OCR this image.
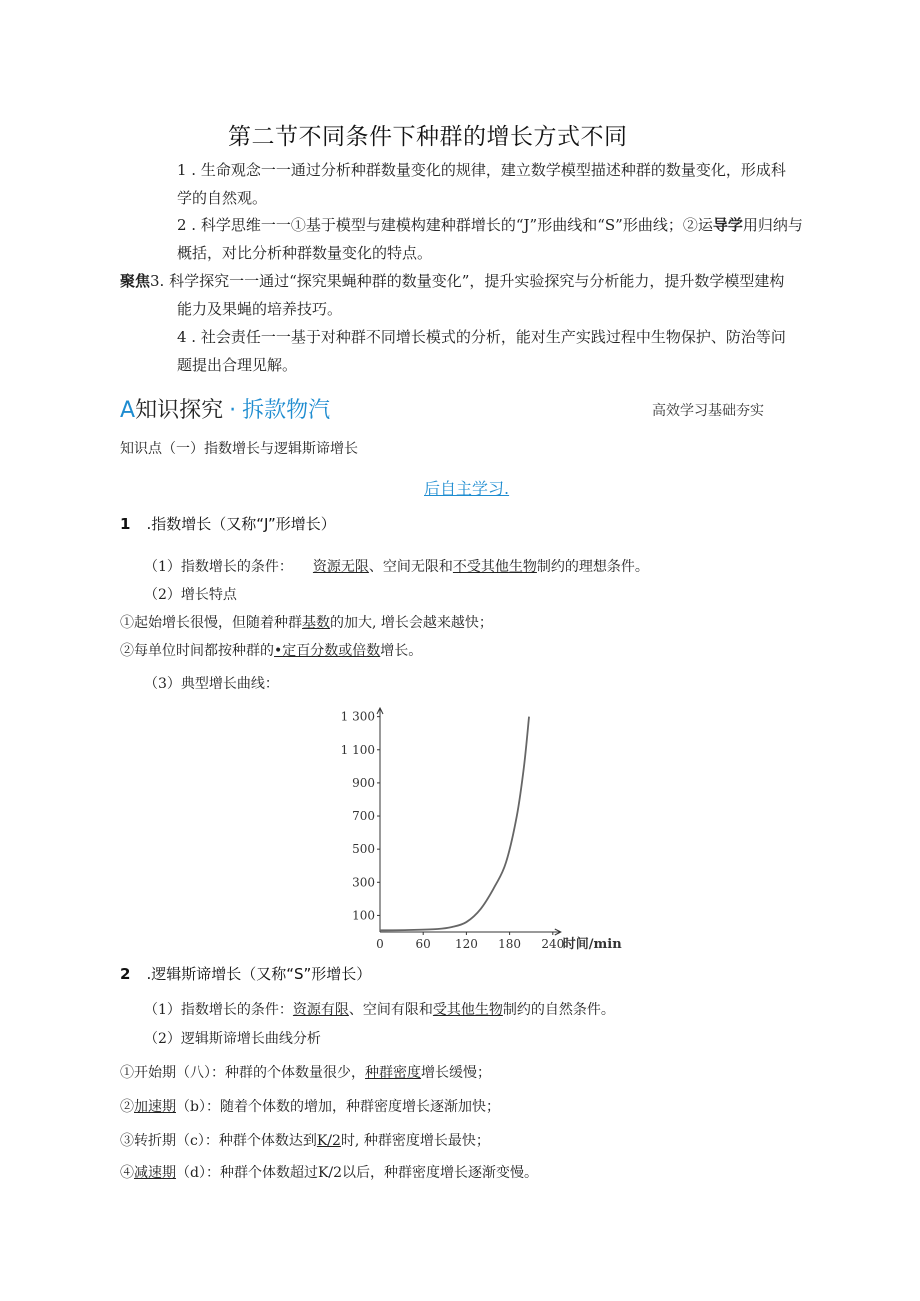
第二节不同条件下种群的增长方式不同
1 . 生命观念一一通过分析种群数量变化的规律，建立数学模型描述种群的数量变化，形成科
学的自然观。
2 . 科学思维一一①基于模型与建模构建种群增长的“J”形曲线和“S”形曲线；②运导学用归纳与
概括，对比分析种群数量变化的特点。
聚焦3. 科学探究一一通过“探究果蝇种群的数量变化”，提升实验探究与分析能力，提升数学模型建构
能力及果蝇的培养技巧。
4 . 社会责任一一基于对种群不同增长模式的分析，能对生产实践过程中生物保护、防治等问
题提出合理见解。
A知识探究 · 拆款物汽	高效学习基础夯实
知识点（一）指数增长与逻辑斯谛增长
后自主学习.
1 .指数增长（又称“J”形增长）
（1）指数增长的条件： 资源无限、空间无限和不受其他生物制约的理想条件。
（2）增长特点
①起始增长很慢，但随着种群基数的加大, 增长会越来越快；
②每单位时间都按种群的•定百分数或倍数增长。
（3）典型增长曲线：
100
300
500
700
900
1 100
1 300
0	60 120 180 240
时间/min
2 .逻辑斯谛增长（又称“S”形增长）
（1）指数增长的条件：资源有限、空间有限和受其他生物制约的自然条件。
（2）逻辑斯谛增长曲线分析
①开始期（八）：种群的个体数量很少，种群密度增长缓慢；
②加速期（b）：随着个体数的增加，种群密度增长逐渐加快；
③转折期（c）：种群个体数达到K/2时, 种群密度增长最快；
④减速期（d）：种群个体数超过K/2以后，种群密度增长逐渐变慢。
